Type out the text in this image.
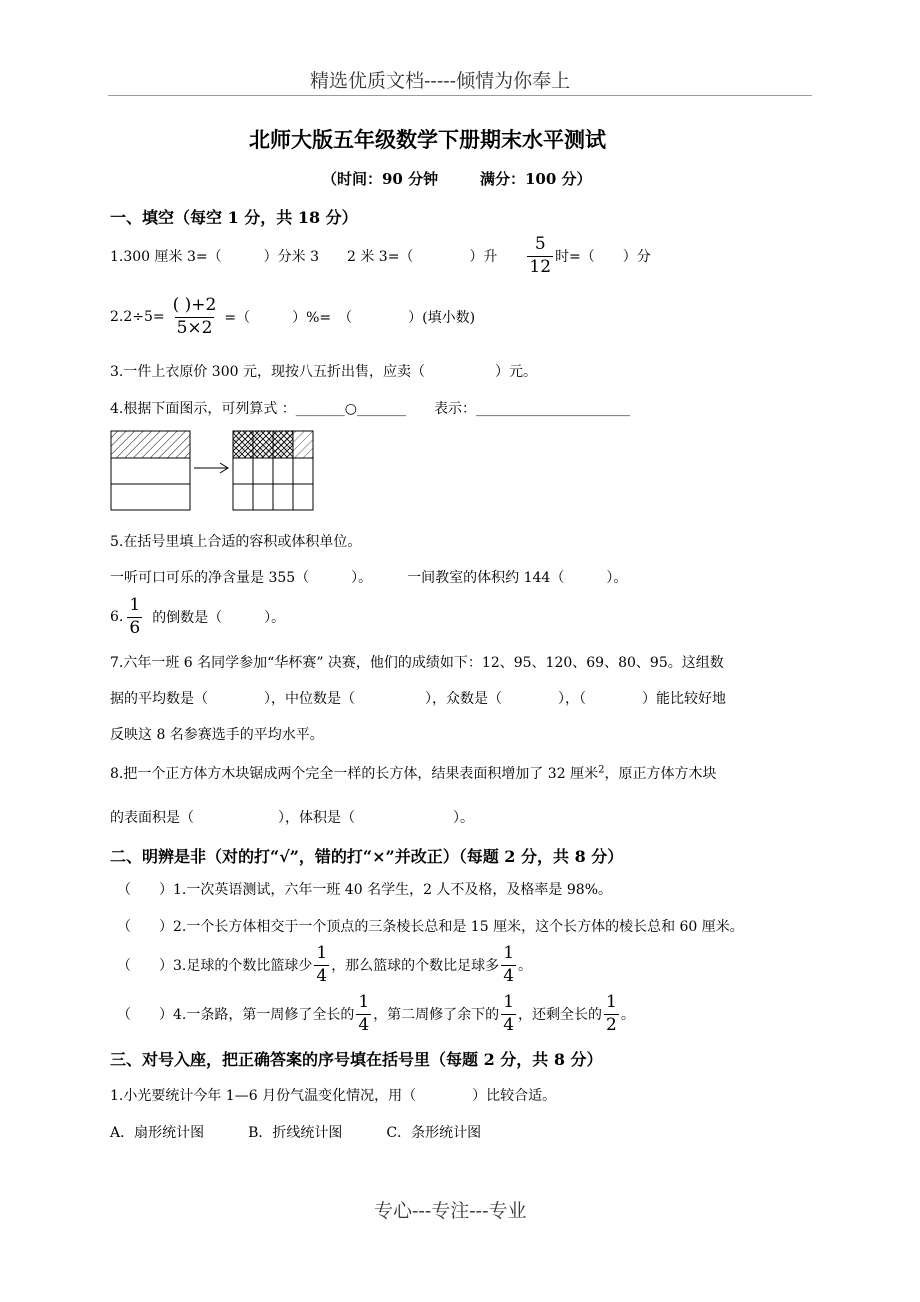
精选优质文档-----倾情为你奉上
北师大版五年级数学下册期末水平测试
（时间：90 分钟	满分：100 分）
一、填空（每空 1 分，共 18 分）
1.300 厘米 3=（　　　）分米 3　　2 米 3=（　　　　）升 $\frac{5}{12}$ 时=（　　）分
$2.2\div 5= \frac{( )+2}{5\times 2}$ =（　　　）%=　（　　　　）(填小数)
3.一件上衣原价 300 元，现按八五折出售，应卖（　　　　　）元。
4.根据下面图示，可列算式 ：_______○_______　　表示：______________________
5.在括号里填上合适的容积或体积单位。
一听可口可乐的净含量是 355（　　　）。　　　一间教室的体积约 144（　　　）。
6. $\frac{1}{6}$ 的倒数是（　　　）。
7.六年一班 6 名同学参加“华杯赛” 决赛，他们的成绩如下：12、95、120、69、80、95。这组数
据的平均数是（　　　　），中位数是（　　　　　），众数是（　　　　），（　　　　）能比较好地
反映这 8 名参赛选手的平均水平。
8.把一个正方体方木块锯成两个完全一样的长方体，结果表面积增加了 32 厘米$^2$，原正方体方木块
的表面积是（　　　　　　），体积是（　　　　　　　）。
二、明辨是非（对的打“√”，错的打“×”并改正）（每题 2 分，共 8 分）
（　　）1.一次英语测试，六年一班 40 名学生，2 人不及格，及格率是 98%。
（　　）2.一个长方体相交于一个顶点的三条棱长总和是 15 厘米，这个长方体的棱长总和 60 厘米。
（　　）3.足球的个数比篮球少 $\frac{1}{4}$ ，那么篮球的个数比足球多 $\frac{1}{4}$ 。
（　　）4.一条路，第一周修了全长的 $\frac{1}{4}$ ，第二周修了余下的 $\frac{1}{4}$ ，还剩全长的 $\frac{1}{2}$ 。
三、对号入座，把正确答案的序号填在括号里（每题 2 分，共 8 分）
1.小光要统计今年 1—6 月份气温变化情况，用（　　　　）比较合适。
A．扇形统计图	B．折线统计图	C．条形统计图
专心---专注---专业
